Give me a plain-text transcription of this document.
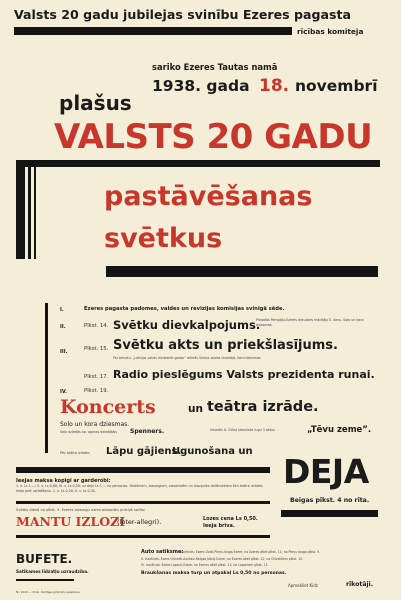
Valsts 20 gadu jubilejas svinību Ezeres pagasta
rīcības komiteja
sariko Ezeres Tautas namā
1938. gada 18. novembrī
plašus
VALSTS 20 GADU
pastāvēšanas
svētkus
I.	Ezeres pagasta padomes, valdes un revīzijas komisijas svinīgā sēde.
II.	Pīkst. 14. Svētku dievkalpojums.
Piedalās Pampāļu-Ezeres draudzes mācītājs E. Ilens. Solo un kora dziesmas.
III.	Pīkst. 15. Svētku akts un priekšlasījums.
Par tematu: „Latvijas valsts divdesmit gados” referēs Saldus skolas skolotājs. Kora dziesmas.
Pīkst. 17. Radio pieslēgums Valsts prezidenta runai.
IV.	Pīkst. 19.
Koncerts	un teātra izrāde.
Solo un kora dziesmas.
Solo dziedās op. operas dziedātājs Spenners.	Uzvedīs A. Grīna lakonisko lugu 3 aktos	„Tēvu zeme”.
Pēc teātra izrādes Lāpu gājiens.
Ugunošana un
DEJA
Beigas pīkst. 4 no rīta.
Ieejas maksa kopīgi ar garderobi:
1. v. Ls 1,—; II. v. Ls 0,80; III. v. Ls 0,50; uz deju Ls 1,— no personas. Skolēniem, aizsargiem, aizsardzēm un mazpulka dalībniekiem šim teātra izrādes ieeja pret uzrādīšanu. 1. v. Ls 0,50; II. v. Ls 0,30.
Svētku dienā no pīkst. 9. Ezeres aizsargu nams aizsardžu pulciņš sarīko
MANTU IZLOZI
(loter-allegri).	Lozes cena Ls 0,50.
Ieeja brīva.
BUFETE.
Satikames līdzatļu uzraudzība.
Auto satiksme:
1. maršruts: Ezere-Ozoli-Pleņu-lauga Ezere; no Ezeres atiet pīkst. 11; no Pleņu lauga pīkst. 9.
II. maršruts: Ezere-Grīvaiži-Auntaiz-Reigas Jašuļi-Ezere; no Ezeres atiet pīkst. 12; no Grīvaižiem pīkst. 12.
III. maršruts: Ezere-Lapsnii-Ezere; no Ezeres atiet pīkst. 11; no Lapsniem pīkst. 13.
Braukšanas maksa turp un atpakaļ Ls 0,50 no personas.
Apmekliet Kidz	rīkotāji.
Nr. 2124 — Druk. Kuldīgas grāmatu spiestuve
